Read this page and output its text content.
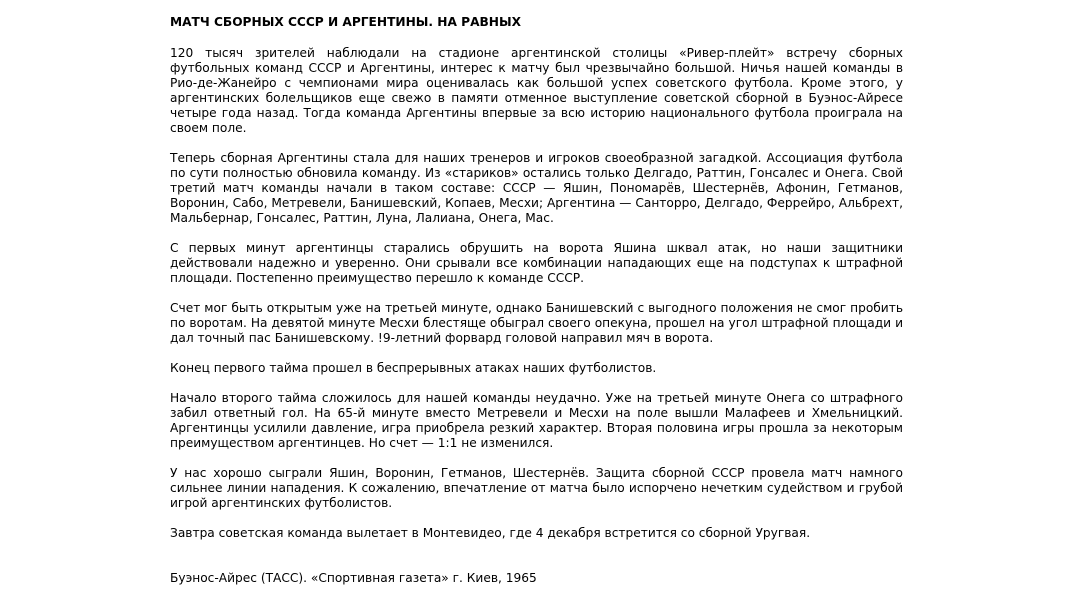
МАТЧ СБОРНЫХ СССР И АРГЕНТИНЫ. НА РАВНЫХ
120 тысяч зрителей наблюдали на стадионе аргентинской столицы «Ривер-плейт» встречу сборных футбольных команд СССР и Аргентины, интерес к матчу был чрезвычайно большой. Ничья нашей команды в Рио-де-Жанейро с чемпионами мира оценивалась как большой успех советского футбола. Кроме этого, у аргентинских болельщиков еще свежо в памяти отменное выступление советской сборной в Буэнос-Айресе четыре года назад. Тогда команда Аргентины впервые за всю историю национального футбола проиграла на своем поле.
Теперь сборная Аргентины стала для наших тренеров и игроков своеобразной загадкой. Ассоциация футбола по сути полностью обновила команду. Из «стариков» остались только Делгадо, Раттин, Гонсалес и Онега. Свой третий матч команды начали в таком составе: СССР — Яшин, Пономарёв, Шестернёв, Афонин, Гетманов, Воронин, Сабо, Метревели, Банишевский, Копаев, Месхи; Аргентина — Санторро, Делгадо, Феррейро, Альбрехт, Мальбернар, Гонсалес, Раттин, Луна, Лалиана, Онега, Мас.
С первых минут аргентинцы старались обрушить на ворота Яшина шквал атак, но наши защитники действовали надежно и уверенно. Они срывали все комбинации нападающих еще на подступах к штрафной площади. Постепенно преимущество перешло к команде СССР.
Счет мог быть открытым уже на третьей минуте, однако Банишевский с выгодного положения не смог пробить по воротам. На девятой минуте Месхи блестяще обыграл своего опекуна, прошел на угол штрафной площади и дал точный пас Банишевскому. !9-летний форвард головой направил мяч в ворота.
Конец первого тайма прошел в беспрерывных атаках наших футболистов.
Начало второго тайма сложилось для нашей команды неудачно. Уже на третьей минуте Онега со штрафного забил ответный гол. На 65-й минуте вместо Метревели и Месхи на поле вышли Малафеев и Хмельницкий. Аргентинцы усилили давление, игра приобрела резкий характер. Вторая половина игры прошла за некоторым преимуществом аргентинцев. Но счет — 1:1 не изменился.
У нас хорошо сыграли Яшин, Воронин, Гетманов, Шестернёв. Защита сборной СССР провела матч намного сильнее линии нападения. К сожалению, впечатление от матча было испорчено нечетким судейством и грубой игрой аргентинских футболистов.
Завтра советская команда вылетает в Монтевидео, где 4 декабря встретится со сборной Уругвая.
Буэнос-Айрес (ТАСС). «Спортивная газета» г. Киев, 1965
